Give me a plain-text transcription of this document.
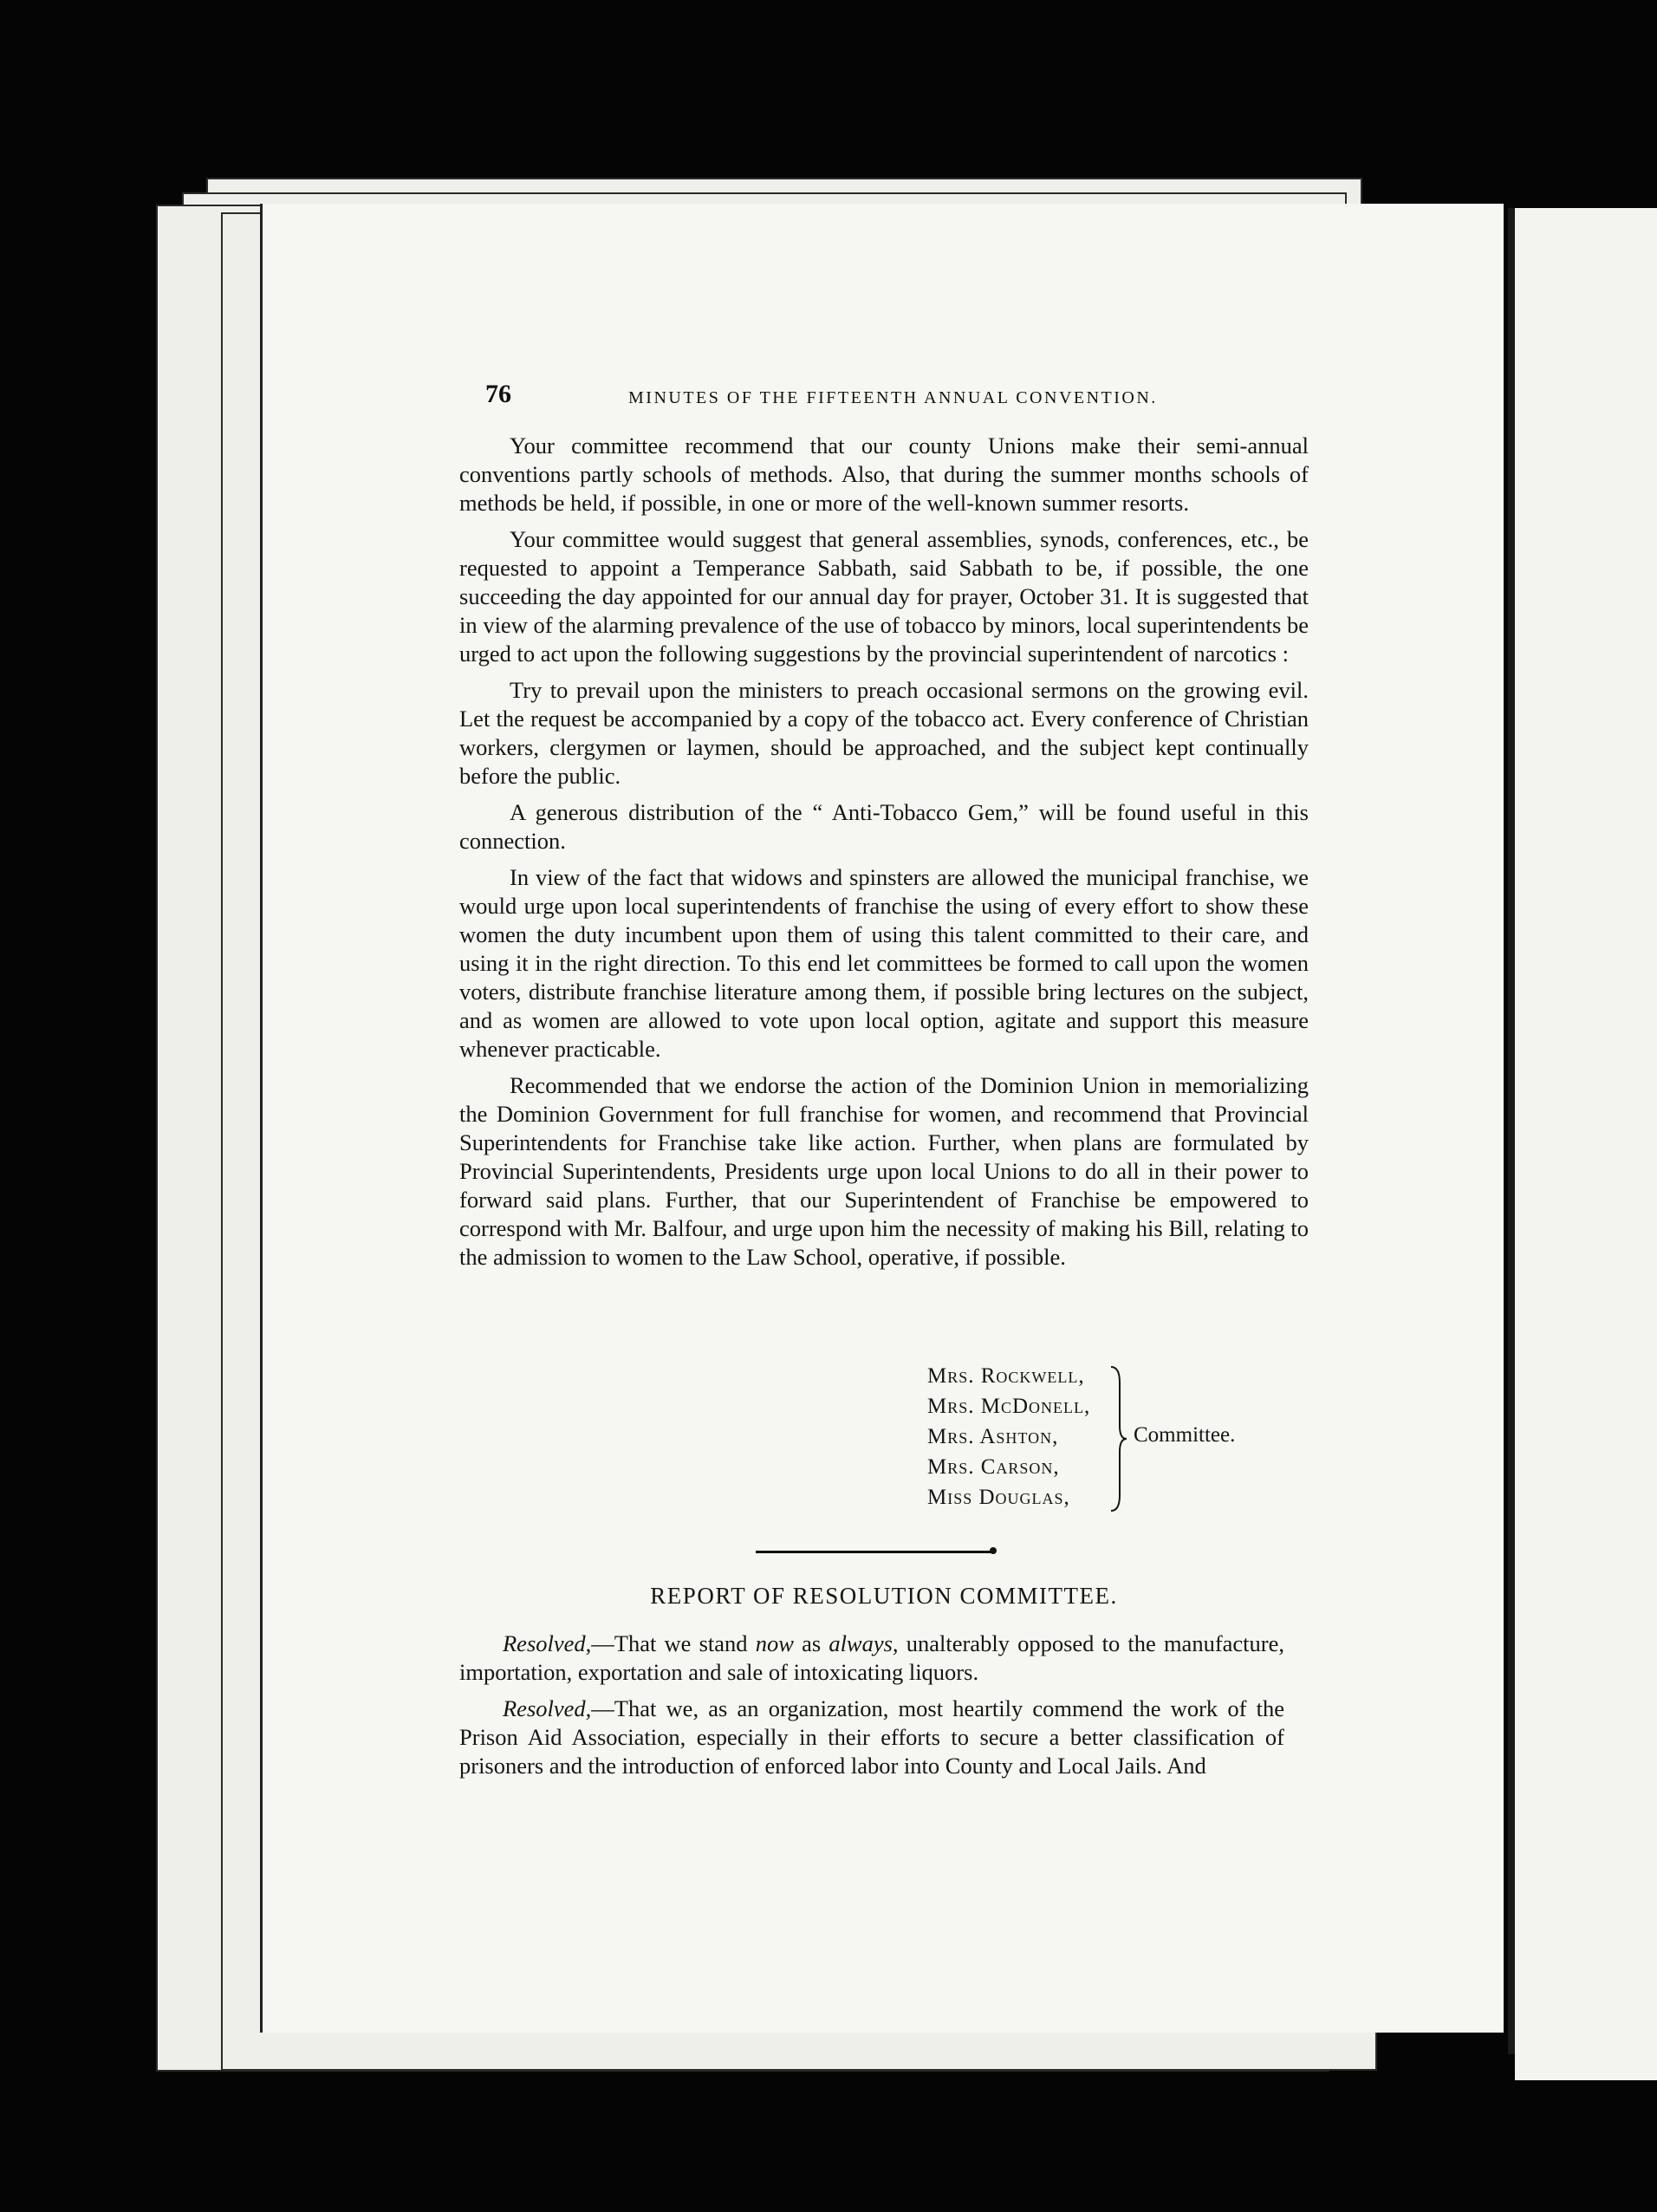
76	MINUTES OF THE FIFTEENTH ANNUAL CONVENTION.

Your committee recommend that our county Unions make their semi-annual conventions partly schools of methods. Also, that during the summer months schools of methods be held, if possible, in one or more of the well-known summer resorts.

Your committee would suggest that general assemblies, synods, conferences, etc., be requested to appoint a Temperance Sabbath, said Sabbath to be, if possible, the one succeeding the day appointed for our annual day for prayer, October 31. It is suggested that in view of the alarming prevalence of the use of tobacco by minors, local superintendents be urged to act upon the following suggestions by the provincial superintendent of narcotics :

Try to prevail upon the ministers to preach occasional sermons on the growing evil. Let the request be accompanied by a copy of the tobacco act. Every conference of Christian workers, clergymen or laymen, should be approached, and the subject kept continually before the public.

A generous distribution of the “ Anti-Tobacco Gem,” will be found useful in this connection.

In view of the fact that widows and spinsters are allowed the municipal franchise, we would urge upon local superintendents of franchise the using of every effort to show these women the duty incumbent upon them of using this talent committed to their care, and using it in the right direction. To this end let committees be formed to call upon the women voters, distribute franchise literature among them, if possible bring lectures on the subject, and as women are allowed to vote upon local option, agitate and support this measure whenever practicable.

Recommended that we endorse the action of the Dominion Union in memorializing the Dominion Government for full franchise for women, and recommend that Provincial Superintendents for Franchise take like action. Further, when plans are formulated by Provincial Superintendents, Presidents urge upon local Unions to do all in their power to forward said plans. Further, that our Superintendent of Franchise be empowered to correspond with Mr. Balfour, and urge upon him the necessity of making his Bill, relating to the admission to women to the Law School, operative, if possible.

Mrs. Rockwell,
Mrs. McDonell,
Mrs. Ashton,
Mrs. Carson,
Miss Douglas,
Committee.
REPORT OF RESOLUTION COMMITTEE.

Resolved,—That we stand now as always, unalterably opposed to the manufacture, importation, exportation and sale of intoxicating liquors.

Resolved,—That we, as an organization, most heartily commend the work of the Prison Aid Association, especially in their efforts to secure a better classification of prisoners and the introduction of enforced labor into County and Local Jails. And
